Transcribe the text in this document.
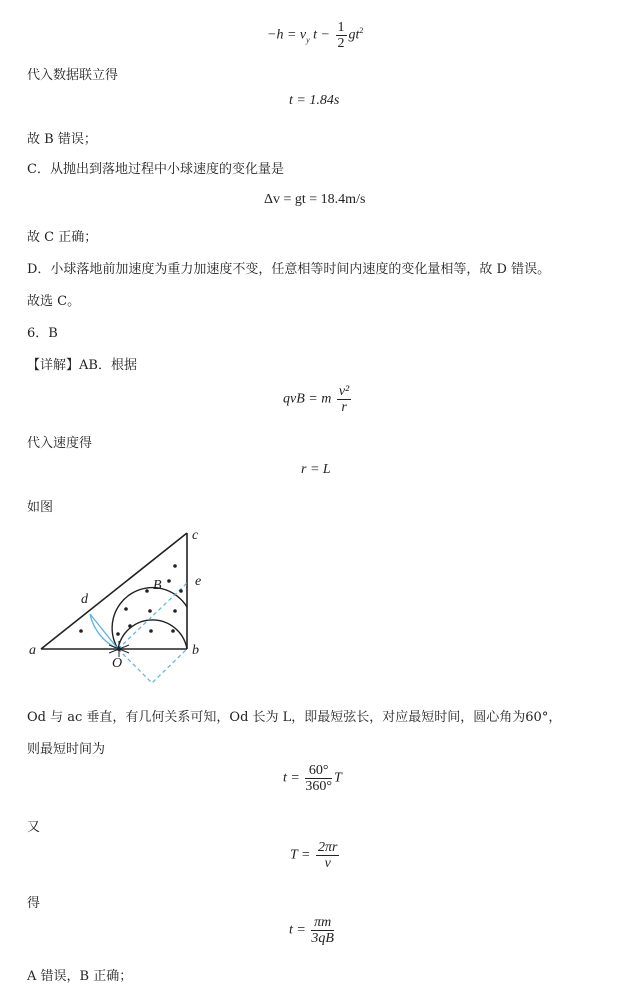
$-h = v_y$ $t - \frac{1}{2} gt^2$
代入数据联立得
t = 1.84s
故 B 错误；
C．从抛出到落地过程中小球速度的变化量是
Δv = gt = 18.4m/s
故 C 正确；
D．小球落地前加速度为重力加速度不变，任意相等时间内速度的变化量相等，故 D 错误。
故选 C。
6．B
【详解】AB．根据
qvB = m $\frac{\text{v²}}{r}$
代入速度得
r = L
如图
a	b
c
d
e
O
B
Od 与 ac 垂直，有几何关系可知，Od 长为 L，即最短弦长，对应最短时间，圆心角为60°，
则最短时间为
$t = \frac{60^\circ}{360^\circ}$ T
又
$T = \frac{2\pi r}{v}$
得
$t = \frac{\pi m}{3qB}$
A 错误，B 正确；
